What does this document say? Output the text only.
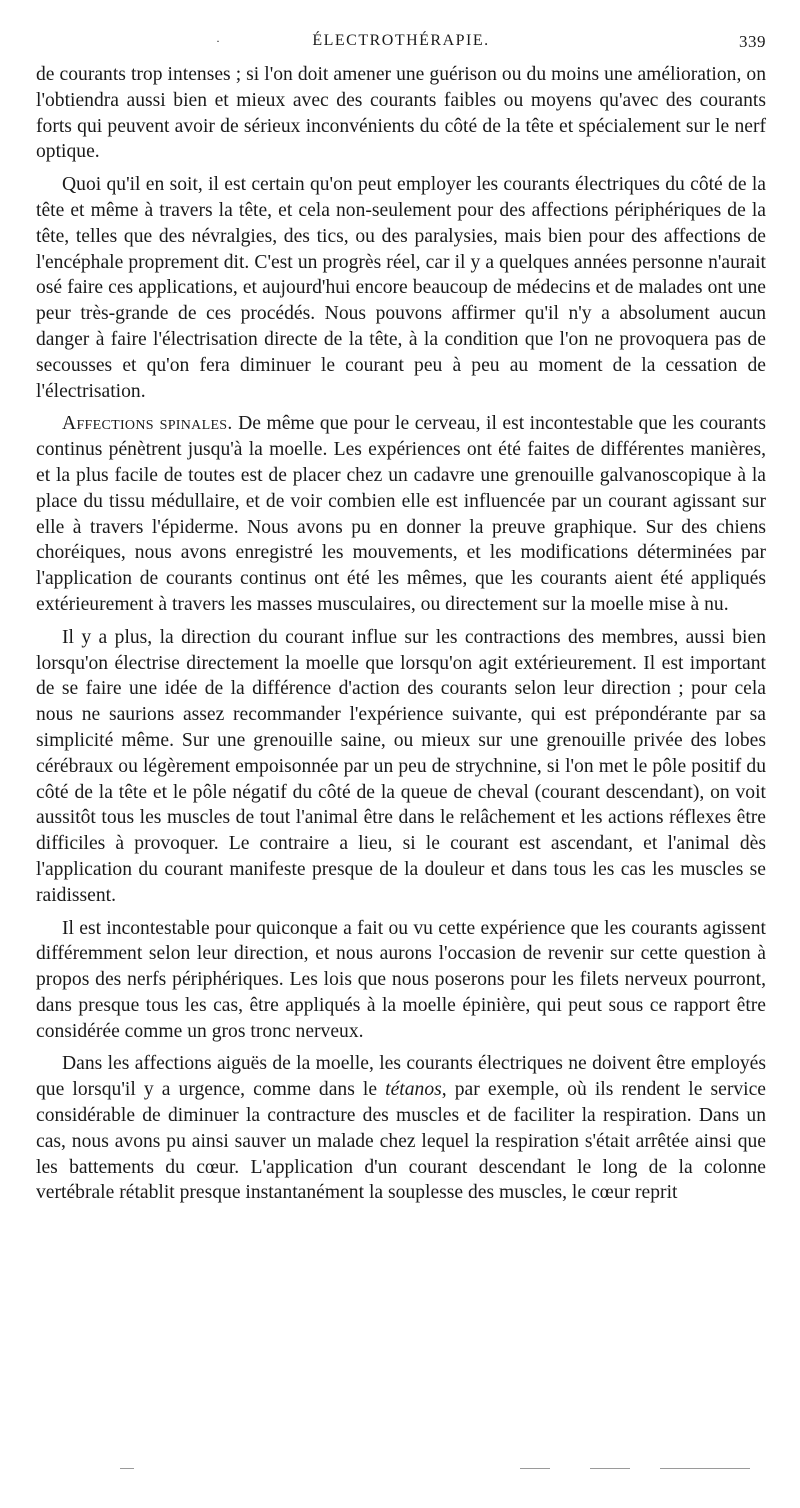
·	ÉLECTROTHÉRAPIE.	339

de courants trop intenses ; si l'on doit amener une guérison ou du moins une amélioration, on l'obtiendra aussi bien et mieux avec des courants faibles ou moyens qu'avec des courants forts qui peuvent avoir de sérieux inconvénients du côté de la tête et spécialement sur le nerf optique.

Quoi qu'il en soit, il est certain qu'on peut employer les courants électriques du côté de la tête et même à travers la tête, et cela non-seulement pour des affections périphériques de la tête, telles que des névralgies, des tics, ou des paralysies, mais bien pour des affections de l'encéphale proprement dit. C'est un progrès réel, car il y a quelques années personne n'aurait osé faire ces applications, et aujourd'hui encore beaucoup de médecins et de malades ont une peur très-grande de ces procédés. Nous pouvons affirmer qu'il n'y a absolument aucun danger à faire l'électrisation directe de la tête, à la condition que l'on ne provoquera pas de secousses et qu'on fera diminuer le courant peu à peu au moment de la cessation de l'électrisation.

Affections spinales. De même que pour le cerveau, il est incontestable que les courants continus pénètrent jusqu'à la moelle. Les expériences ont été faites de différentes manières, et la plus facile de toutes est de placer chez un cadavre une grenouille galvanoscopique à la place du tissu médullaire, et de voir combien elle est influencée par un courant agissant sur elle à travers l'épiderme. Nous avons pu en donner la preuve graphique. Sur des chiens choréiques, nous avons enregistré les mouvements, et les modifications déterminées par l'application de courants continus ont été les mêmes, que les courants aient été appliqués extérieurement à travers les masses musculaires, ou directement sur la moelle mise à nu.

Il y a plus, la direction du courant influe sur les contractions des membres, aussi bien lorsqu'on électrise directement la moelle que lorsqu'on agit extérieurement. Il est important de se faire une idée de la différence d'action des courants selon leur direction ; pour cela nous ne saurions assez recommander l'expérience suivante, qui est prépondérante par sa simplicité même. Sur une grenouille saine, ou mieux sur une grenouille privée des lobes cérébraux ou légèrement empoisonnée par un peu de strychnine, si l'on met le pôle positif du côté de la tête et le pôle négatif du côté de la queue de cheval (courant descendant), on voit aussitôt tous les muscles de tout l'animal être dans le relâchement et les actions réflexes être difficiles à provoquer. Le contraire a lieu, si le courant est ascendant, et l'animal dès l'application du courant manifeste presque de la douleur et dans tous les cas les muscles se raidissent.

Il est incontestable pour quiconque a fait ou vu cette expérience que les courants agissent différemment selon leur direction, et nous aurons l'occasion de revenir sur cette question à propos des nerfs périphériques. Les lois que nous poserons pour les filets nerveux pourront, dans presque tous les cas, être appliqués à la moelle épinière, qui peut sous ce rapport être considérée comme un gros tronc nerveux.

Dans les affections aiguës de la moelle, les courants électriques ne doivent être employés que lorsqu'il y a urgence, comme dans le tétanos, par exemple, où ils rendent le service considérable de diminuer la contracture des muscles et de faciliter la respiration. Dans un cas, nous avons pu ainsi sauver un malade chez lequel la respiration s'était arrêtée ainsi que les battements du cœur. L'application d'un courant descendant le long de la colonne vertébrale rétablit presque instantanément la souplesse des muscles, le cœur reprit
